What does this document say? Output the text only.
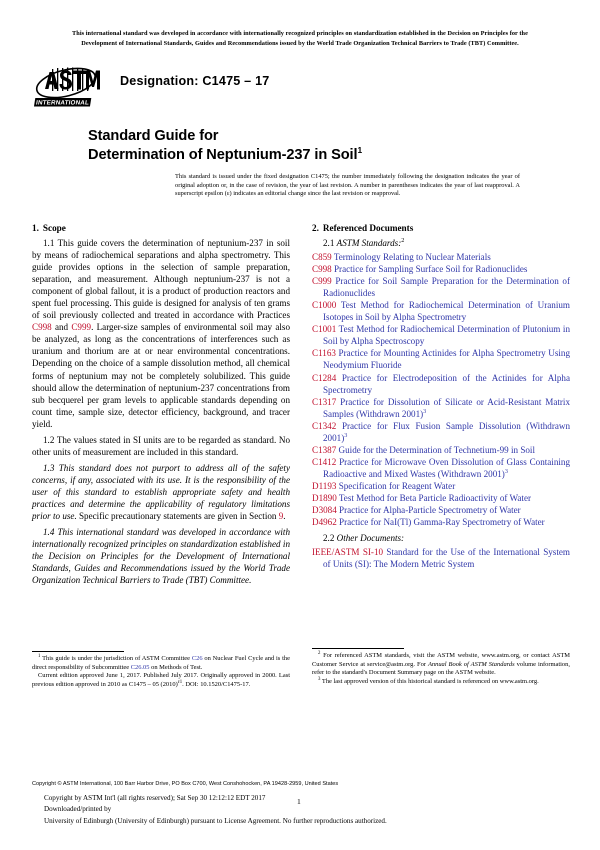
This international standard was developed in accordance with internationally recognized principles on standardization established in the Decision on Principles for the
Development of International Standards, Guides and Recommendations issued by the World Trade Organization Technical Barriers to Trade (TBT) Committee.
INTERNATIONAL
Designation: C1475 – 17
Standard Guide for
Determination of Neptunium-237 in Soil$^1$
This standard is issued under the fixed designation C1475; the number immediately following the designation indicates the year of original adoption or, in the case of revision, the year of last revision. A number in parentheses indicates the year of last reapproval. A superscript epsilon (ε) indicates an editorial change since the last revision or reapproval.
1. Scope

1.1 This guide covers the determination of neptunium-237 in soil by means of radiochemical separations and alpha spectrometry. This guide provides options in the selection of sample preparation, separation, and measurement. Although neptunium-237 is not a component of global fallout, it is a product of production reactors and spent fuel processing. This guide is designed for analysis of ten grams of soil previously collected and treated in accordance with Practices C998 and C999. Larger-size samples of environmental soil may also be analyzed, as long as the concentrations of interferences such as uranium and thorium are at or near environmental concentrations. Depending on the choice of a sample dissolution method, all chemical forms of neptunium may not be completely solubilized. This guide should allow the determination of neptunium-237 concentrations from sub becquerel per gram levels to applicable standards depending on count time, sample size, detector efficiency, background, and tracer yield.

1.2 The values stated in SI units are to be regarded as standard. No other units of measurement are included in this standard.

1.3 This standard does not purport to address all of the safety concerns, if any, associated with its use. It is the responsibility of the user of this standard to establish appropriate safety and health practices and determine the applicability of regulatory limitations prior to use. Specific precautionary statements are given in Section 9.

1.4 This international standard was developed in accordance with internationally recognized principles on standardization established in the Decision on Principles for the Development of International Standards, Guides and Recommendations issued by the World Trade Organization Technical Barriers to Trade (TBT) Committee.

2. Referenced Documents
2.1 ASTM Standards:$^2$
C859 Terminology Relating to Nuclear Materials
C998 Practice for Sampling Surface Soil for Radionuclides
C999 Practice for Soil Sample Preparation for the Determination of Radionuclides
C1000 Test Method for Radiochemical Determination of Uranium Isotopes in Soil by Alpha Spectrometry
C1001 Test Method for Radiochemical Determination of Plutonium in Soil by Alpha Spectroscopy
C1163 Practice for Mounting Actinides for Alpha Spectrometry Using Neodymium Fluoride
C1284 Practice for Electrodeposition of the Actinides for Alpha Spectrometry
C1317 Practice for Dissolution of Silicate or Acid-Resistant Matrix Samples (Withdrawn 2001)$^3$
C1342 Practice for Flux Fusion Sample Dissolution (Withdrawn 2001)$^3$
C1387 Guide for the Determination of Technetium-99 in Soil
C1412 Practice for Microwave Oven Dissolution of Glass Containing Radioactive and Mixed Wastes (Withdrawn 2001)$^3$
D1193 Specification for Reagent Water
D1890 Test Method for Beta Particle Radioactivity of Water
D3084 Practice for Alpha-Particle Spectrometry of Water
D4962 Practice for NaI(Tl) Gamma-Ray Spectrometry of Water
2.2 Other Documents:
IEEE/ASTM SI-10 Standard for the Use of the International System of Units (SI): The Modern Metric System

$^1$ This guide is under the jurisdiction of ASTM Committee C26 on Nuclear Fuel Cycle and is the direct responsibility of Subcommittee C26.05 on Methods of Test.

Current edition approved June 1, 2017. Published July 2017. Originally approved in 2000. Last previous edition approved in 2010 as C1475 – 05 $(2010)^{\varepsilon 1}$. DOI: 10.1520/C1475-17.

$^2$ For referenced ASTM standards, visit the ASTM website, www.astm.org, or contact ASTM Customer Service at service@astm.org. For Annual Book of ASTM Standards volume information, refer to the standard's Document Summary page on the ASTM website.

$^3$ The last approved version of this historical standard is referenced on www.astm.org.

Copyright © ASTM International, 100 Barr Harbor Drive, PO Box C700, West Conshohocken, PA 19428-2959, United States
Copyright by ASTM Int'l (all rights reserved); Sat Sep 30 12:12:12 EDT 2017
Downloaded/printed by
University of Edinburgh (University of Edinburgh) pursuant to License Agreement. No further reproductions authorized.
1
